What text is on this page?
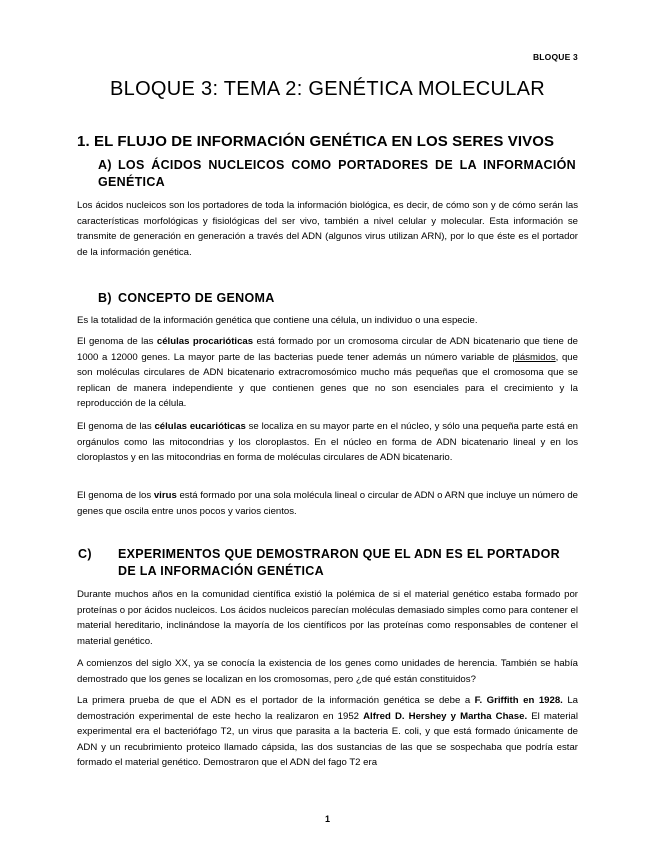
BLOQUE 3
BLOQUE 3: TEMA 2: GENÉTICA MOLECULAR
1. EL FLUJO DE INFORMACIÓN GENÉTICA EN LOS SERES VIVOS
A) LOS ÁCIDOS NUCLEICOS COMO PORTADORES DE LA INFORMACIÓN GENÉTICA

Los ácidos nucleicos son los portadores de toda la información biológica, es decir, de cómo son y de cómo serán las características morfológicas y fisiológicas del ser vivo, también a nivel celular y molecular. Esta información se transmite de generación en generación a través del ADN (algunos virus utilizan ARN), por lo que éste es el portador de la información genética.

B) CONCEPTO DE GENOMA

Es la totalidad de la información genética que contiene una célula, un individuo o una especie.

El genoma de las células procarióticas está formado por un cromosoma circular de ADN bicatenario que tiene de 1000 a 12000 genes. La mayor parte de las bacterias puede tener además un número variable de plásmidos, que son moléculas circulares de ADN bicatenario extracromosómico mucho más pequeñas que el cromosoma que se replican de manera independiente y que contienen genes que no son esenciales para el crecimiento y la reproducción de la célula.

El genoma de las células eucarióticas se localiza en su mayor parte en el núcleo, y sólo una pequeña parte está en orgánulos como las mitocondrias y los cloroplastos. En el núcleo en forma de ADN bicatenario lineal y en los cloroplastos y en las mitocondrias en forma de moléculas circulares de ADN bicatenario.

El genoma de los virus está formado por una sola molécula lineal o circular de ADN o ARN que incluye un número de genes que oscila entre unos pocos y varios cientos.

C) EXPERIMENTOS QUE DEMOSTRARON QUE EL ADN ES EL PORTADOR DE LA INFORMACIÓN GENÉTICA

Durante muchos años en la comunidad científica existió la polémica de si el material genético estaba formado por proteínas o por ácidos nucleicos. Los ácidos nucleicos parecían moléculas demasiado simples como para contener el material hereditario, inclinándose la mayoría de los científicos por las proteínas como responsables de contener el material genético.

A comienzos del siglo XX, ya se conocía la existencia de los genes como unidades de herencia. También se había demostrado que los genes se localizan en los cromosomas, pero ¿de qué están constituidos?

La primera prueba de que el ADN es el portador de la información genética se debe a F. Griffith en 1928. La demostración experimental de este hecho la realizaron en 1952 Alfred D. Hershey y Martha Chase. El material experimental era el bacteriófago T2, un virus que parasita a la bacteria E. coli, y que está formado únicamente de ADN y un recubrimiento proteico llamado cápsida, las dos sustancias de las que se sospechaba que podría estar formado el material genético. Demostraron que el ADN del fago T2 era

1
